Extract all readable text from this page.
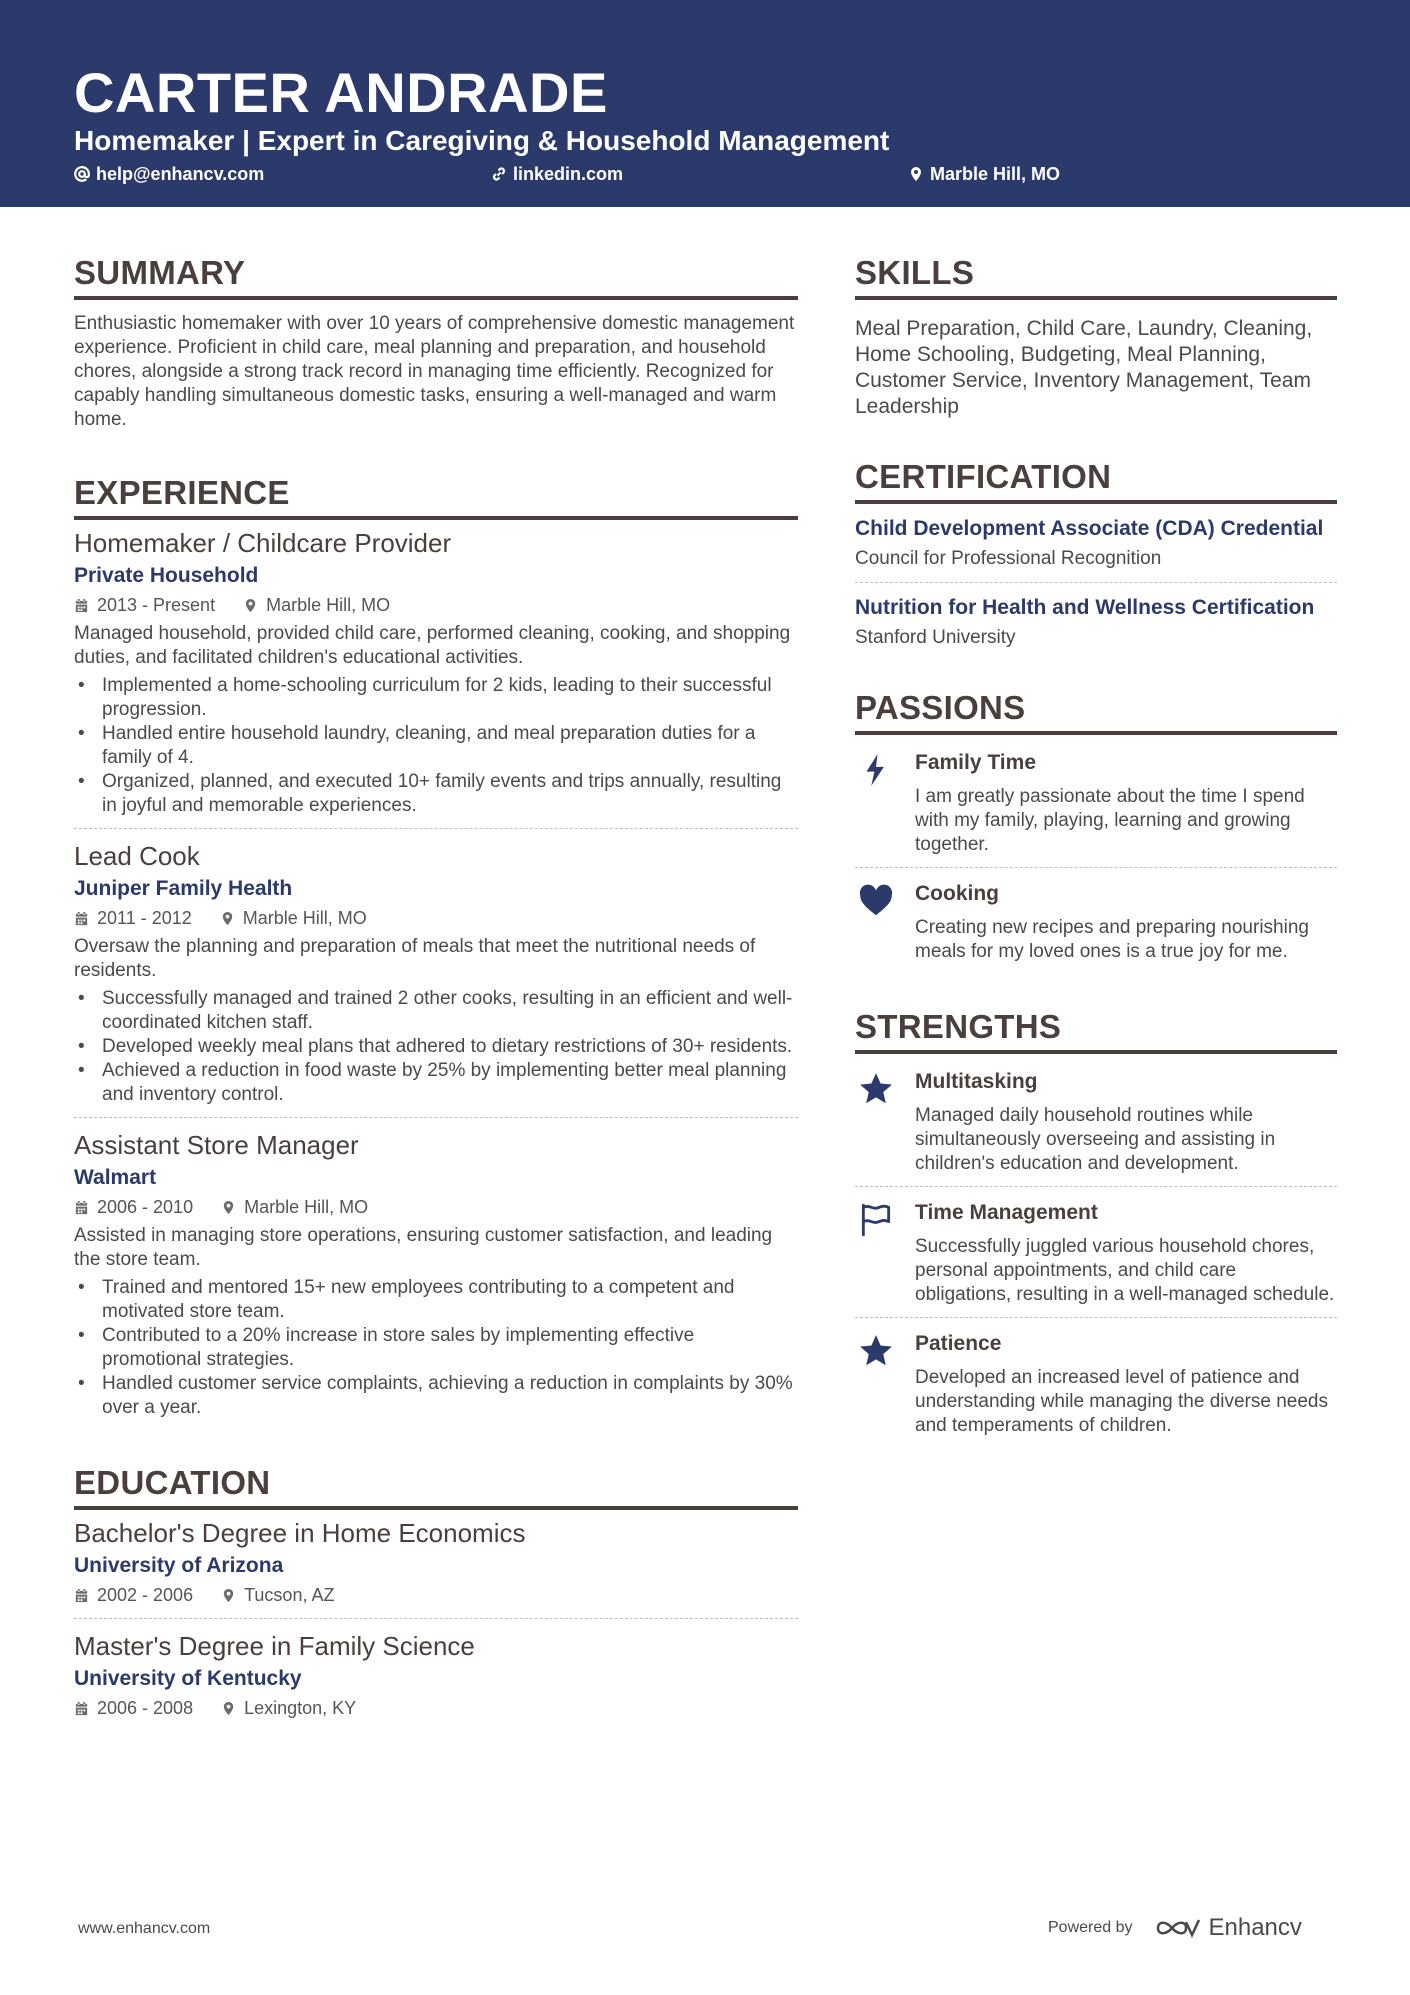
CARTER ANDRADE
Homemaker | Expert in Caregiving & Household Management
help@enhancv.com	linkedin.com	Marble Hill, MO
SUMMARY
Enthusiastic homemaker with over 10 years of comprehensive domestic management experience. Proficient in child care, meal planning and preparation, and household chores, alongside a strong track record in managing time efficiently. Recognized for capably handling simultaneous domestic tasks, ensuring a well-managed and warm home.
EXPERIENCE
Homemaker / Childcare Provider
Private Household
2013 - Present	Marble Hill, MO
Managed household, provided child care, performed cleaning, cooking, and shopping duties, and facilitated children's educational activities.
• Implemented a home-schooling curriculum for 2 kids, leading to their successful progression.
• Handled entire household laundry, cleaning, and meal preparation duties for a family of 4.
• Organized, planned, and executed 10+ family events and trips annually, resulting in joyful and memorable experiences.
Lead Cook
Juniper Family Health
2011 - 2012	Marble Hill, MO
Oversaw the planning and preparation of meals that meet the nutritional needs of residents.
• Successfully managed and trained 2 other cooks, resulting in an efficient and well-coordinated kitchen staff.
• Developed weekly meal plans that adhered to dietary restrictions of 30+ residents.
• Achieved a reduction in food waste by 25% by implementing better meal planning and inventory control.
Assistant Store Manager
Walmart
2006 - 2010	Marble Hill, MO
Assisted in managing store operations, ensuring customer satisfaction, and leading the store team.
• Trained and mentored 15+ new employees contributing to a competent and motivated store team.
• Contributed to a 20% increase in store sales by implementing effective promotional strategies.
• Handled customer service complaints, achieving a reduction in complaints by 30% over a year.
EDUCATION
Bachelor's Degree in Home Economics
University of Arizona
2002 - 2006	Tucson, AZ
Master's Degree in Family Science
University of Kentucky
2006 - 2008	Lexington, KY
SKILLS
Meal Preparation, Child Care, Laundry, Cleaning, Home Schooling, Budgeting, Meal Planning, Customer Service, Inventory Management, Team Leadership
CERTIFICATION
Child Development Associate (CDA) Credential
Council for Professional Recognition
Nutrition for Health and Wellness Certification
Stanford University
PASSIONS
Family Time
I am greatly passionate about the time I spend with my family, playing, learning and growing together.
Cooking
Creating new recipes and preparing nourishing meals for my loved ones is a true joy for me.
STRENGTHS
Multitasking
Managed daily household routines while simultaneously overseeing and assisting in children's education and development.
Time Management
Successfully juggled various household chores, personal appointments, and child care obligations, resulting in a well-managed schedule.
Patience
Developed an increased level of patience and understanding while managing the diverse needs and temperaments of children.
www.enhancv.com	Powered by	Enhancv
